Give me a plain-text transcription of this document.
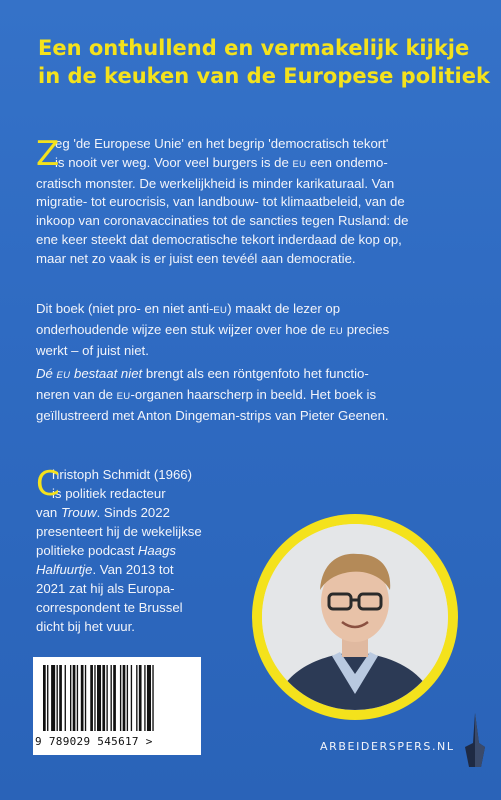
Een onthullend en vermakelijk kijkje
in de keuken van de Europese politiek

Z
eg 'de Europese Unie' en het begrip 'democratisch tekort'
is nooit ver weg. Voor veel burgers is de EU een ondemo-
cratisch monster. De werkelijkheid is minder karikaturaal. Van
migratie- tot eurocrisis, van landbouw- tot klimaatbeleid, van de
inkoop van coronavaccinaties tot de sancties tegen Rusland: de
ene keer steekt dat democratische tekort inderdaad de kop op,
maar net zo vaak is er juist een tevéél aan democratie.

Dit boek (niet pro- en niet anti-EU) maakt de lezer op
onderhoudende wijze een stuk wijzer over hoe de EU precies
werkt – of juist niet.

Dé EU bestaat niet brengt als een röntgenfoto het functio-
neren van de EU-organen haarscherp in beeld. Het boek is
geïllustreerd met Anton Dingeman-strips van Pieter Geenen.

C
hristoph Schmidt (1966)
is politiek redacteur
van Trouw. Sinds 2022
presenteert hij de wekelijkse
politieke podcast Haags
Halfuurtje. Van 2013 tot
2021 zat hij als Europa-
correspondent te Brussel
dicht bij het vuur.

9 789029 545617 >	ARBEIDERSPERS.NL
